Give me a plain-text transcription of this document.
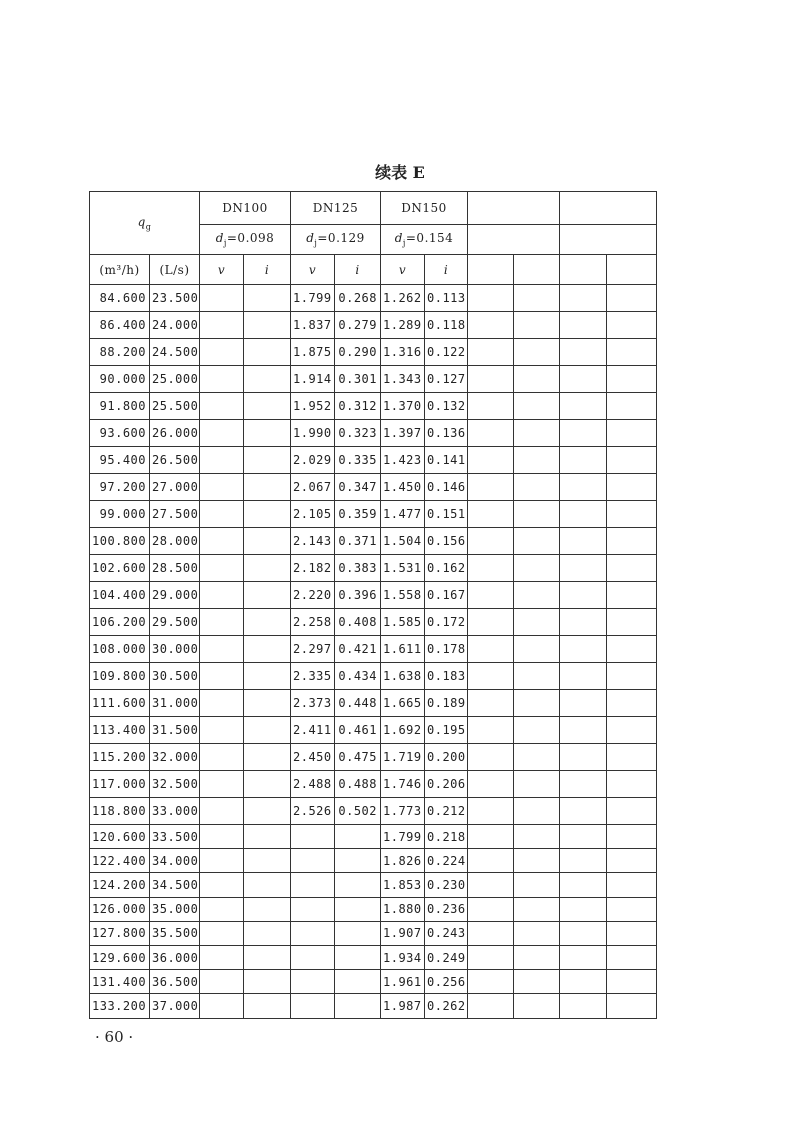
续表 E
$q_g$		DN100		DN125		DN150					
		$d_j=0.098$		$d_j=0.129$		$d_j=0.154$					
(m³/h)	(L/s)	v	i	v	i	v	i				
84.600	23.500			1.799	0.268	1.262	0.113				
86.400	24.000			1.837	0.279	1.289	0.118				
88.200	24.500			1.875	0.290	1.316	0.122				
90.000	25.000			1.914	0.301	1.343	0.127				
91.800	25.500			1.952	0.312	1.370	0.132				
93.600	26.000			1.990	0.323	1.397	0.136				
95.400	26.500			2.029	0.335	1.423	0.141				
97.200	27.000			2.067	0.347	1.450	0.146				
99.000	27.500			2.105	0.359	1.477	0.151				
100.800	28.000			2.143	0.371	1.504	0.156				
102.600	28.500			2.182	0.383	1.531	0.162				
104.400	29.000			2.220	0.396	1.558	0.167				
106.200	29.500			2.258	0.408	1.585	0.172				
108.000	30.000			2.297	0.421	1.611	0.178				
109.800	30.500			2.335	0.434	1.638	0.183				
111.600	31.000			2.373	0.448	1.665	0.189				
113.400	31.500			2.411	0.461	1.692	0.195				
115.200	32.000			2.450	0.475	1.719	0.200				
117.000	32.500			2.488	0.488	1.746	0.206				
118.800	33.000			2.526	0.502	1.773	0.212				
120.600	33.500					1.799	0.218				
122.400	34.000					1.826	0.224				
124.200	34.500					1.853	0.230				
126.000	35.000					1.880	0.236				
127.800	35.500					1.907	0.243				
129.600	36.000					1.934	0.249				
131.400	36.500					1.961	0.256				
133.200	37.000					1.987	0.262				
· 60 ·
